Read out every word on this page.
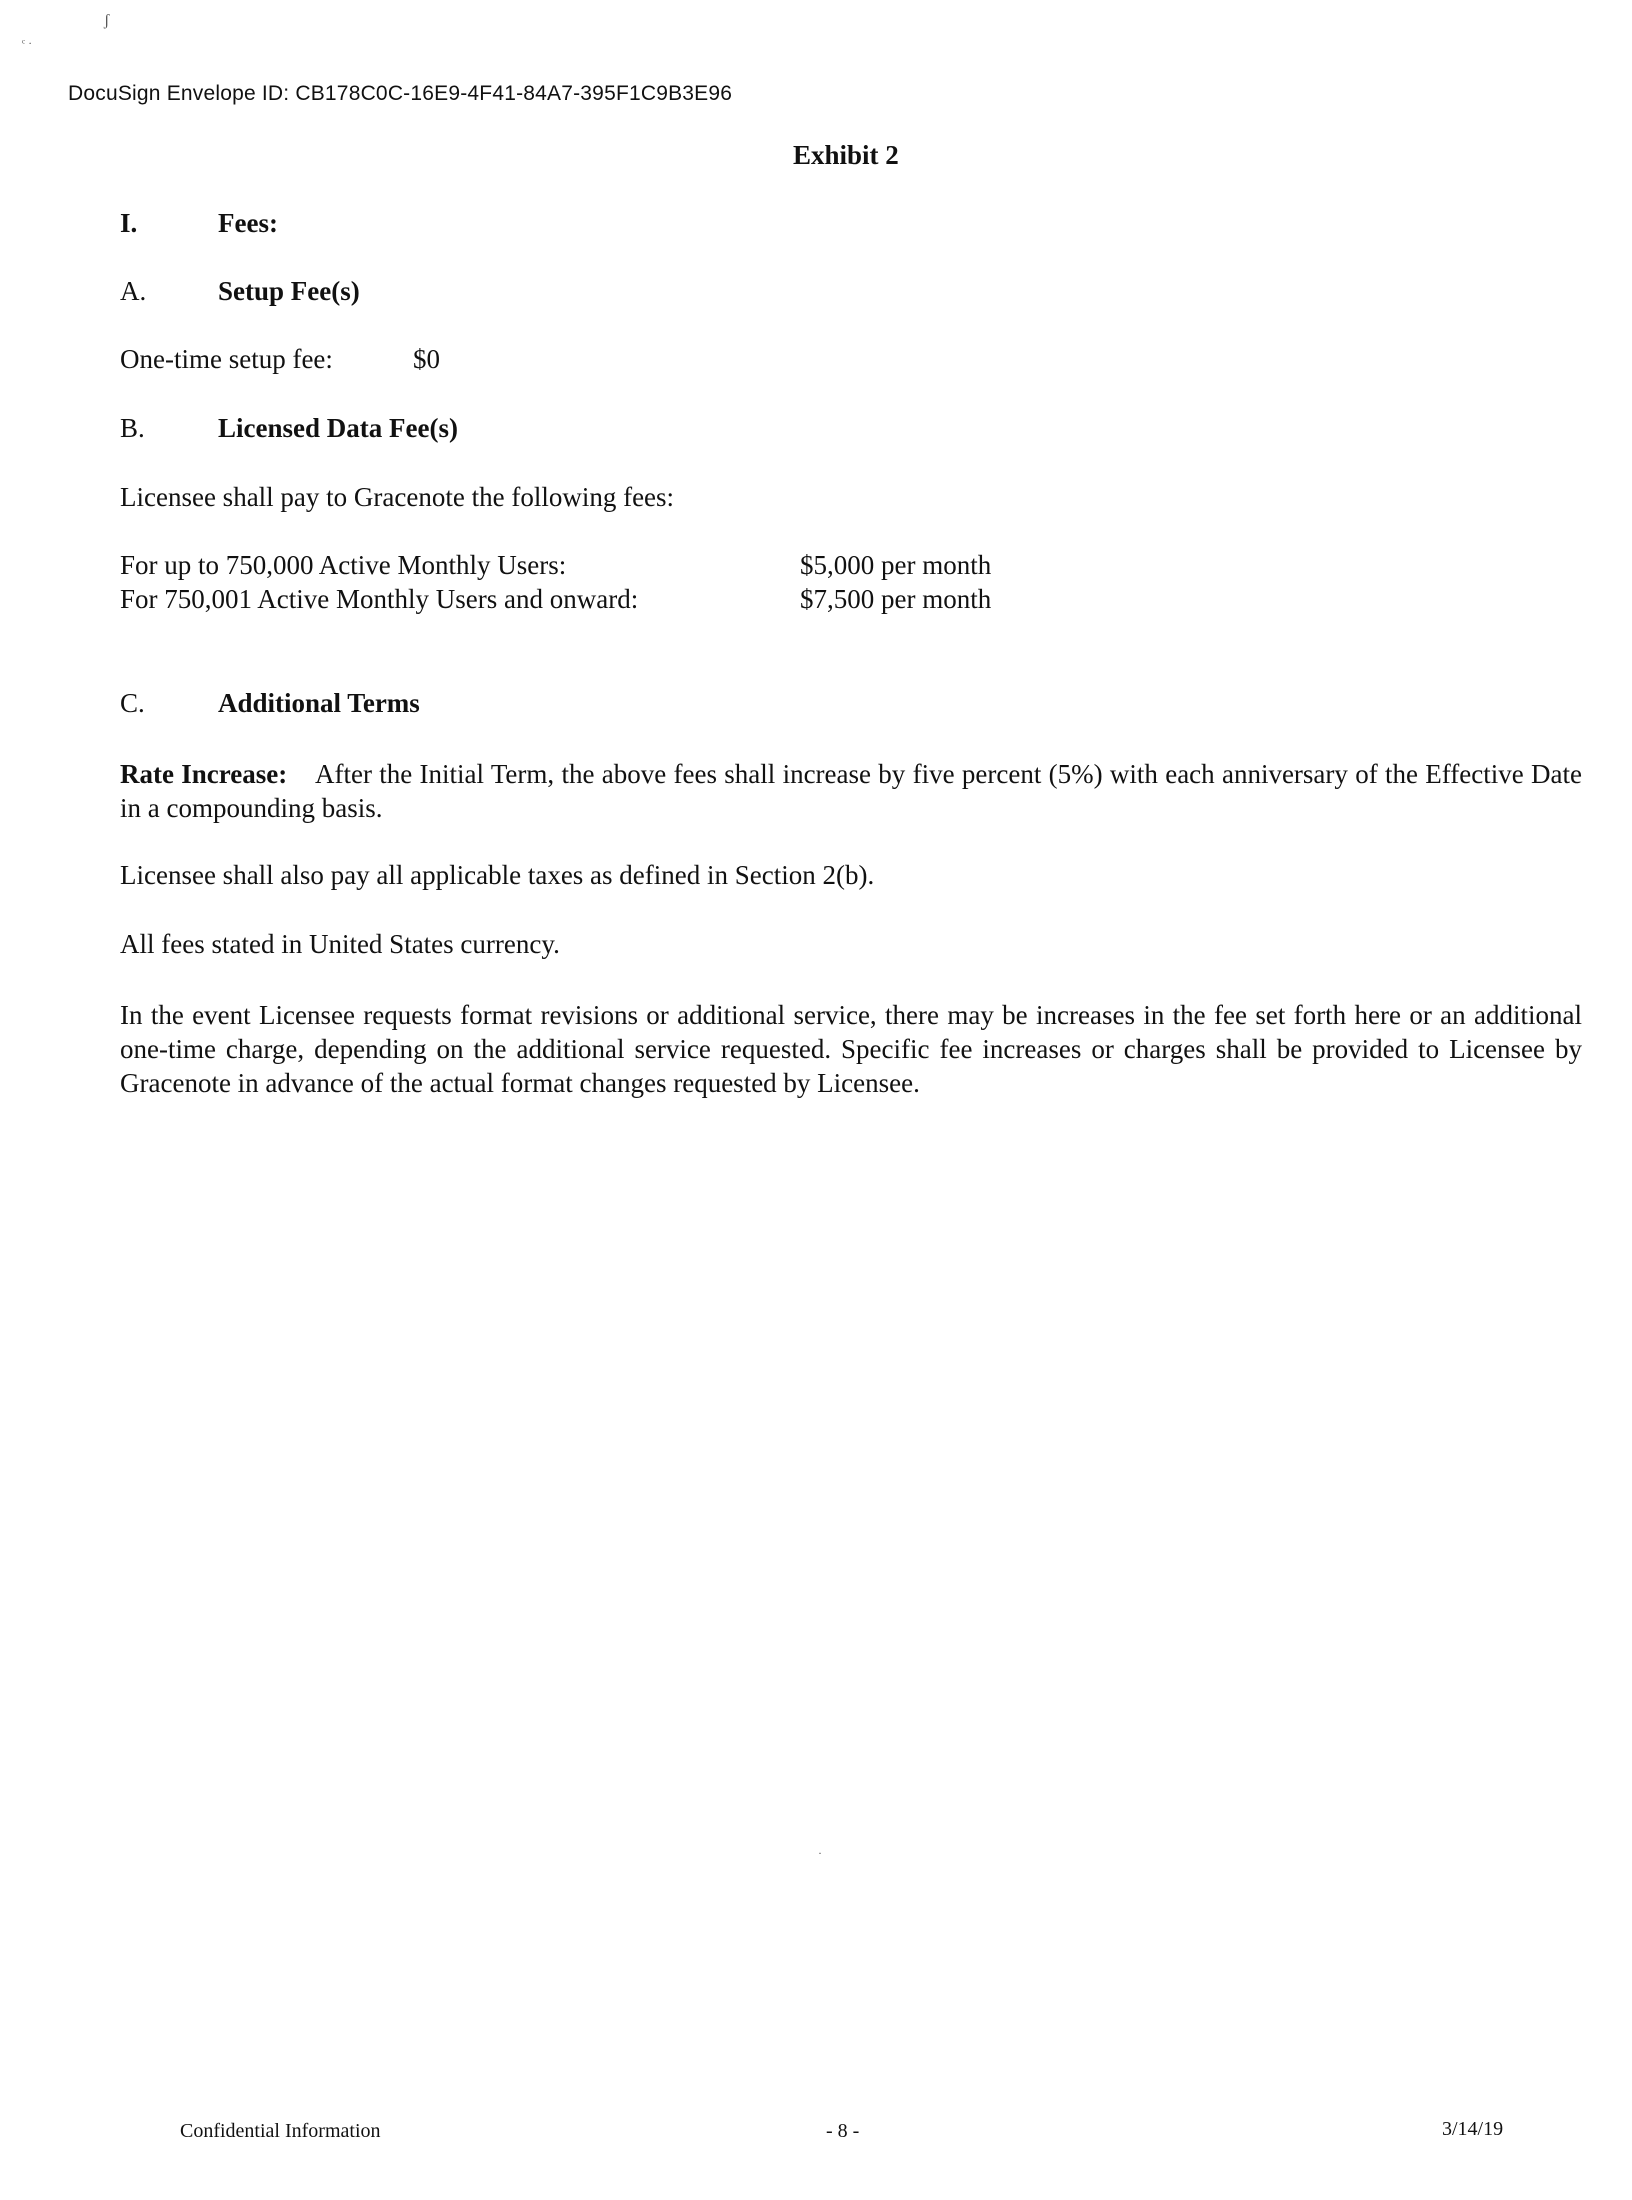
ʃ
ᶜ ·
·
DocuSign Envelope ID: CB178C0C-16E9-4F41-84A7-395F1C9B3E96
Exhibit 2
I.	Fees:
A.	Setup Fee(s)
One-time setup fee:	$0
B.	Licensed Data Fee(s)
Licensee shall pay to Gracenote the following fees:
For up to 750,000 Active Monthly Users:	$5,000 per month
For 750,001 Active Monthly Users and onward:	$7,500 per month
C.	Additional Terms
Rate Increase: After the Initial Term, the above fees shall increase by five percent (5%) with each anniversary of the Effective Date in a compounding basis.
Licensee shall also pay all applicable taxes as defined in Section 2(b).
All fees stated in United States currency.
In the event Licensee requests format revisions or additional service, there may be increases in the fee set forth here or an additional one-time charge, depending on the additional service requested. Specific fee increases or charges shall be provided to Licensee by Gracenote in advance of the actual format changes requested by Licensee.
Confidential Information	- 8 -	3/14/19
